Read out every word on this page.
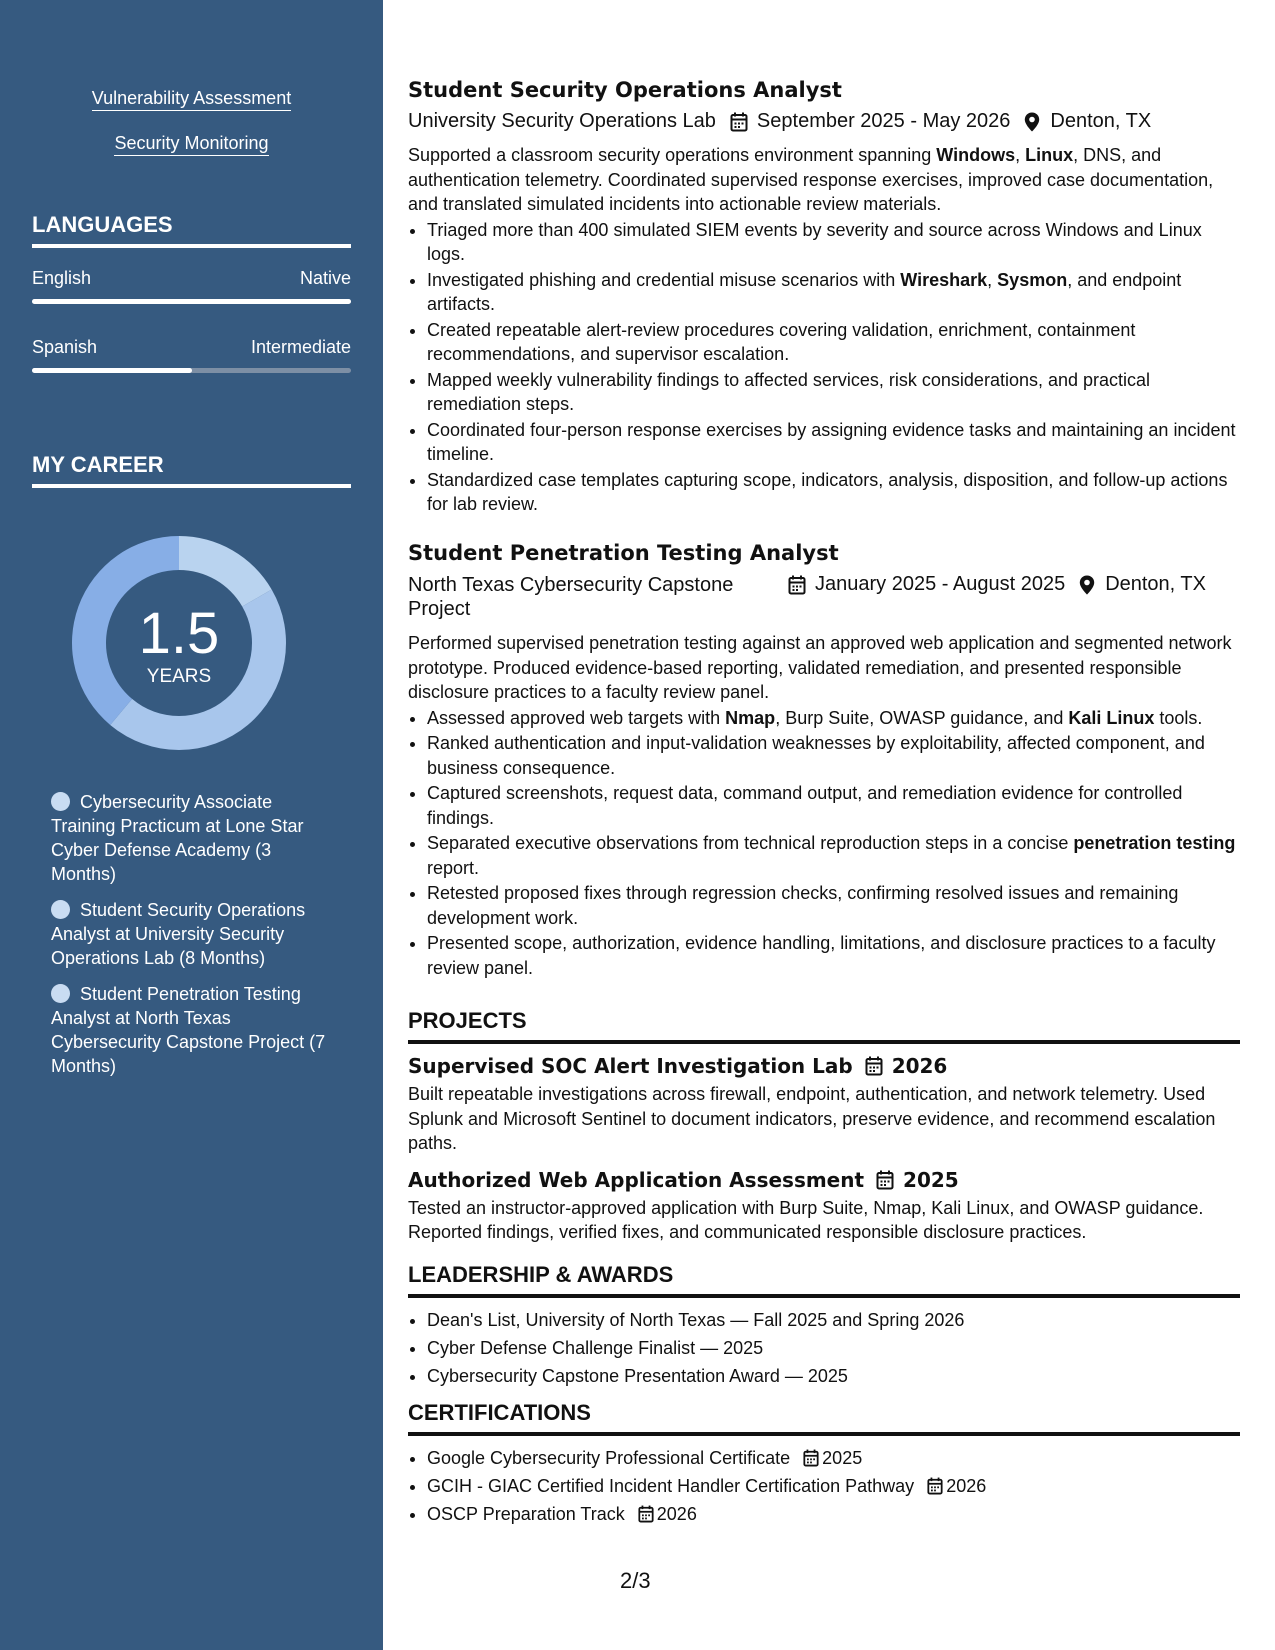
Vulnerability Assessment
Security Monitoring
LANGUAGES
English	Native
Spanish	Intermediate
MY CAREER
1.5
YEARS
Cybersecurity Associate Training Practicum at Lone Star Cyber Defense Academy (3 Months)
Student Security Operations Analyst at University Security Operations Lab (8 Months)
Student Penetration Testing Analyst at North Texas Cybersecurity Capstone Project (7 Months)
Student Security Operations Analyst
University Security Operations Lab September 2025 - May 2026 Denton, TX

Supported a classroom security operations environment spanning Windows, Linux, DNS, and authentication telemetry. Coordinated supervised response exercises, improved case documentation, and translated simulated incidents into actionable review materials.

• Triaged more than 400 simulated SIEM events by severity and source across Windows and Linux logs.
• Investigated phishing and credential misuse scenarios with Wireshark, Sysmon, and endpoint artifacts.
• Created repeatable alert-review procedures covering validation, enrichment, containment recommendations, and supervisor escalation.
• Mapped weekly vulnerability findings to affected services, risk considerations, and practical remediation steps.
• Coordinated four-person response exercises by assigning evidence tasks and maintaining an incident timeline.
• Standardized case templates capturing scope, indicators, analysis, disposition, and follow-up actions for lab review.
Student Penetration Testing Analyst
North Texas Cybersecurity Capstone Project
January 2025 - August 2025 Denton, TX

Performed supervised penetration testing against an approved web application and segmented network prototype. Produced evidence-based reporting, validated remediation, and presented responsible disclosure practices to a faculty review panel.

• Assessed approved web targets with Nmap, Burp Suite, OWASP guidance, and Kali Linux tools.
• Ranked authentication and input-validation weaknesses by exploitability, affected component, and business consequence.
• Captured screenshots, request data, command output, and remediation evidence for controlled findings.
• Separated executive observations from technical reproduction steps in a concise penetration testing report.
• Retested proposed fixes through regression checks, confirming resolved issues and remaining development work.
• Presented scope, authorization, evidence handling, limitations, and disclosure practices to a faculty review panel.
PROJECTS
Supervised SOC Alert Investigation Lab 2026

Built repeatable investigations across firewall, endpoint, authentication, and network telemetry. Used Splunk and Microsoft Sentinel to document indicators, preserve evidence, and recommend escalation paths.

Authorized Web Application Assessment 2025

Tested an instructor-approved application with Burp Suite, Nmap, Kali Linux, and OWASP guidance. Reported findings, verified fixes, and communicated responsible disclosure practices.

LEADERSHIP & AWARDS
• Dean's List, University of North Texas — Fall 2025 and Spring 2026
• Cyber Defense Challenge Finalist — 2025
• Cybersecurity Capstone Presentation Award — 2025
CERTIFICATIONS
• Google Cybersecurity Professional Certificate 2025
• GCIH - GIAC Certified Incident Handler Certification Pathway 2026
• OSCP Preparation Track 2026
2/3
